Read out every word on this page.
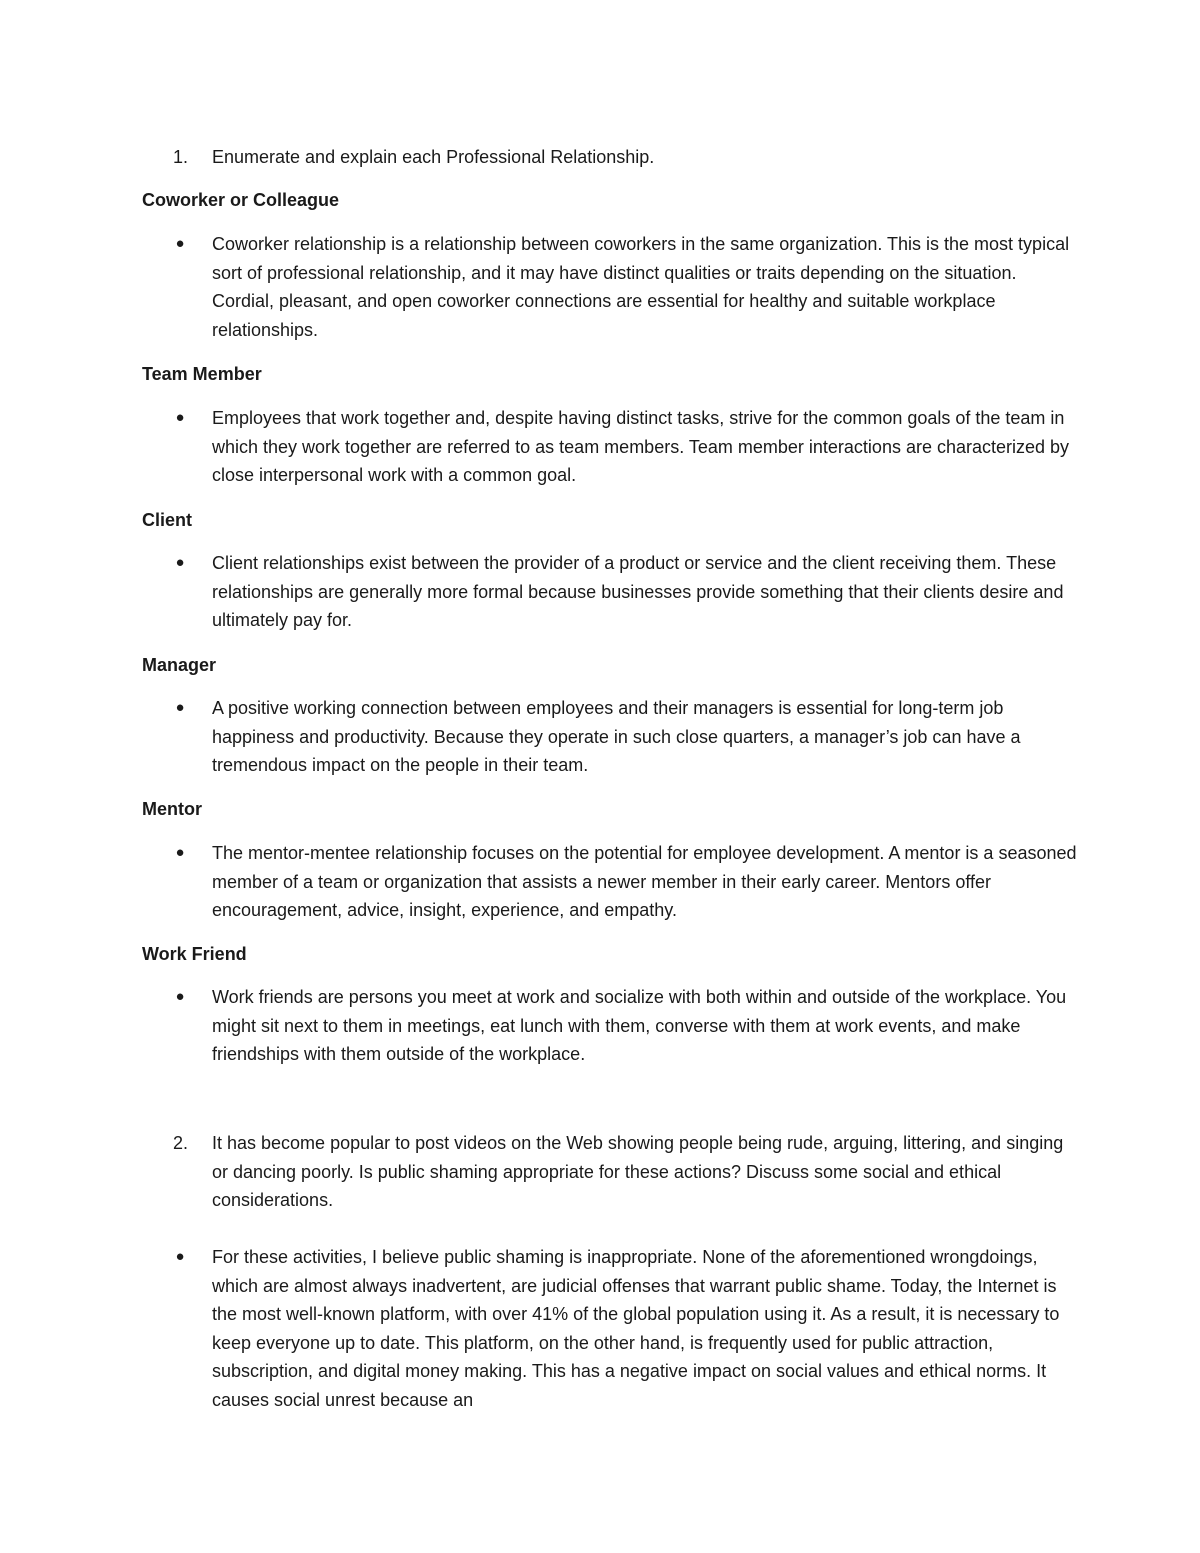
1. Enumerate and explain each Professional Relationship.
Coworker or Colleague
● Coworker relationship is a relationship between coworkers in the same organization. This is the most typical sort of professional relationship, and it may have distinct qualities or traits depending on the situation. Cordial, pleasant, and open coworker connections are essential for healthy and suitable workplace relationships.
Team Member
● Employees that work together and, despite having distinct tasks, strive for the common goals of the team in which they work together are referred to as team members. Team member interactions are characterized by close interpersonal work with a common goal.
Client
● Client relationships exist between the provider of a product or service and the client receiving them. These relationships are generally more formal because businesses provide something that their clients desire and ultimately pay for.
Manager
● A positive working connection between employees and their managers is essential for long-term job happiness and productivity. Because they operate in such close quarters, a manager’s job can have a tremendous impact on the people in their team.
Mentor
● The mentor-mentee relationship focuses on the potential for employee development. A mentor is a seasoned member of a team or organization that assists a newer member in their early career. Mentors offer encouragement, advice, insight, experience, and empathy.
Work Friend
● Work friends are persons you meet at work and socialize with both within and outside of the workplace. You might sit next to them in meetings, eat lunch with them, converse with them at work events, and make friendships with them outside of the workplace.
2. It has become popular to post videos on the Web showing people being rude, arguing, littering, and singing or dancing poorly. Is public shaming appropriate for these actions? Discuss some social and ethical considerations.
● For these activities, I believe public shaming is inappropriate. None of the aforementioned wrongdoings, which are almost always inadvertent, are judicial offenses that warrant public shame. Today, the Internet is the most well-known platform, with over 41% of the global population using it. As a result, it is necessary to keep everyone up to date. This platform, on the other hand, is frequently used for public attraction, subscription, and digital money making. This has a negative impact on social values and ethical norms. It causes social unrest because an
